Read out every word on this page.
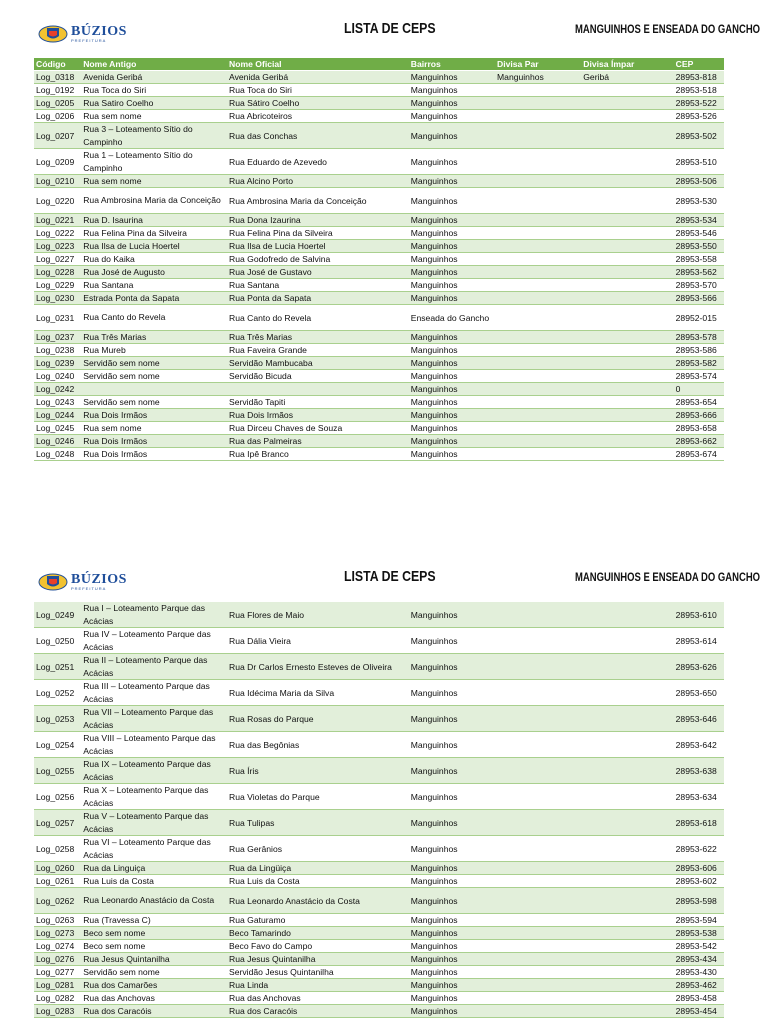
BÚZIOS
PREFEITURA
LISTA DE CEPS	MANGUINHOS E ENSEADA DO GANCHO
Código	Nome Antigo	Nome Oficial	Bairros	Divisa Par	Divisa Ímpar	CEP
Log_0318	Avenida Geribá	Avenida Geribá	Manguinhos	Manguinhos	Geribá	28953-818
Log_0192	Rua Toca do Siri	Rua Toca do Siri	Manguinhos			28953-518
Log_0205	Rua Satiro Coelho	Rua Sátiro Coelho	Manguinhos			28953-522
Log_0206	Rua sem nome	Rua Abricoteiros	Manguinhos			28953-526
Log_0207	Rua 3 – Loteamento Sítio do Campinho	Rua das Conchas	Manguinhos			28953-502
Log_0209	Rua 1 – Loteamento Sítio do Campinho	Rua Eduardo de Azevedo	Manguinhos			28953-510
Log_0210	Rua sem nome	Rua Alcino Porto	Manguinhos			28953-506
Log_0220	Rua Ambrosina Maria da Conceição	Rua Ambrosina Maria da Conceição	Manguinhos			28953-530
Log_0221	Rua D. Isaurina	Rua Dona Izaurina	Manguinhos			28953-534
Log_0222	Rua Felina Pina da Silveira	Rua Felina Pina da Silveira	Manguinhos			28953-546
Log_0223	Rua Ilsa de Lucia Hoertel	Rua Ilsa de Lucia Hoertel	Manguinhos			28953-550
Log_0227	Rua do Kaika	Rua Godofredo de Salvina	Manguinhos			28953-558
Log_0228	Rua José de Augusto	Rua José de Gustavo	Manguinhos			28953-562
Log_0229	Rua Santana	Rua Santana	Manguinhos			28953-570
Log_0230	Estrada Ponta da Sapata	Rua Ponta da Sapata	Manguinhos			28953-566
Log_0231	Rua Canto do Revela	Rua Canto do Revela	Enseada do Gancho			28952-015
Log_0237	Rua Três Marias	Rua Três Marias	Manguinhos			28953-578
Log_0238	Rua Mureb	Rua Faveira Grande	Manguinhos			28953-586
Log_0239	Servidão sem nome	Servidão Mambucaba	Manguinhos			28953-582
Log_0240	Servidão sem nome	Servidão Bicuda	Manguinhos			28953-574
Log_0242			Manguinhos			0
Log_0243	Servidão sem nome	Servidão Tapiti	Manguinhos			28953-654
Log_0244	Rua Dois Irmãos	Rua Dois Irmãos	Manguinhos			28953-666
Log_0245	Rua sem nome	Rua Dirceu Chaves de Souza	Manguinhos			28953-658
Log_0246	Rua Dois Irmãos	Rua das Palmeiras	Manguinhos			28953-662
Log_0248	Rua Dois Irmãos	Rua Ipê Branco	Manguinhos			28953-674
BÚZIOS
PREFEITURA
LISTA DE CEPS	MANGUINHOS E ENSEADA DO GANCHO
Log_0249	Rua I – Loteamento Parque das Acácias	Rua Flores de Maio	Manguinhos			28953-610
Log_0250	Rua IV – Loteamento Parque das Acácias	Rua Dália Vieira	Manguinhos			28953-614
Log_0251	Rua II – Loteamento Parque das Acácias	Rua Dr Carlos Ernesto Esteves de Oliveira	Manguinhos			28953-626
Log_0252	Rua III – Loteamento Parque das Acácias	Rua Idécima Maria da Silva	Manguinhos			28953-650
Log_0253	Rua VII – Loteamento Parque das Acácias	Rua Rosas do Parque	Manguinhos			28953-646
Log_0254	Rua VIII – Loteamento Parque das Acácias	Rua das Begônias	Manguinhos			28953-642
Log_0255	Rua IX – Loteamento Parque das Acácias	Rua Íris	Manguinhos			28953-638
Log_0256	Rua X – Loteamento Parque das Acácias	Rua Violetas do Parque	Manguinhos			28953-634
Log_0257	Rua V – Loteamento Parque das Acácias	Rua Tulipas	Manguinhos			28953-618
Log_0258	Rua VI – Loteamento Parque das Acácias	Rua Gerânios	Manguinhos			28953-622
Log_0260	Rua da Linguiça	Rua da Lingüiça	Manguinhos			28953-606
Log_0261	Rua Luis da Costa	Rua Luis da Costa	Manguinhos			28953-602
Log_0262	Rua Leonardo Anastácio da Costa	Rua Leonardo Anastácio da Costa	Manguinhos			28953-598
Log_0263	Rua (Travessa C)	Rua Gaturamo	Manguinhos			28953-594
Log_0273	Beco sem nome	Beco Tamarindo	Manguinhos			28953-538
Log_0274	Beco sem nome	Beco Favo do Campo	Manguinhos			28953-542
Log_0276	Rua Jesus Quintanilha	Rua Jesus Quintanilha	Manguinhos			28953-434
Log_0277	Servidão sem nome	Servidão Jesus Quintanilha	Manguinhos			28953-430
Log_0281	Rua dos Camarões	Rua Linda	Manguinhos			28953-462
Log_0282	Rua das Anchovas	Rua das Anchovas	Manguinhos			28953-458
Log_0283	Rua dos Caracóis	Rua dos Caracóis	Manguinhos			28953-454
